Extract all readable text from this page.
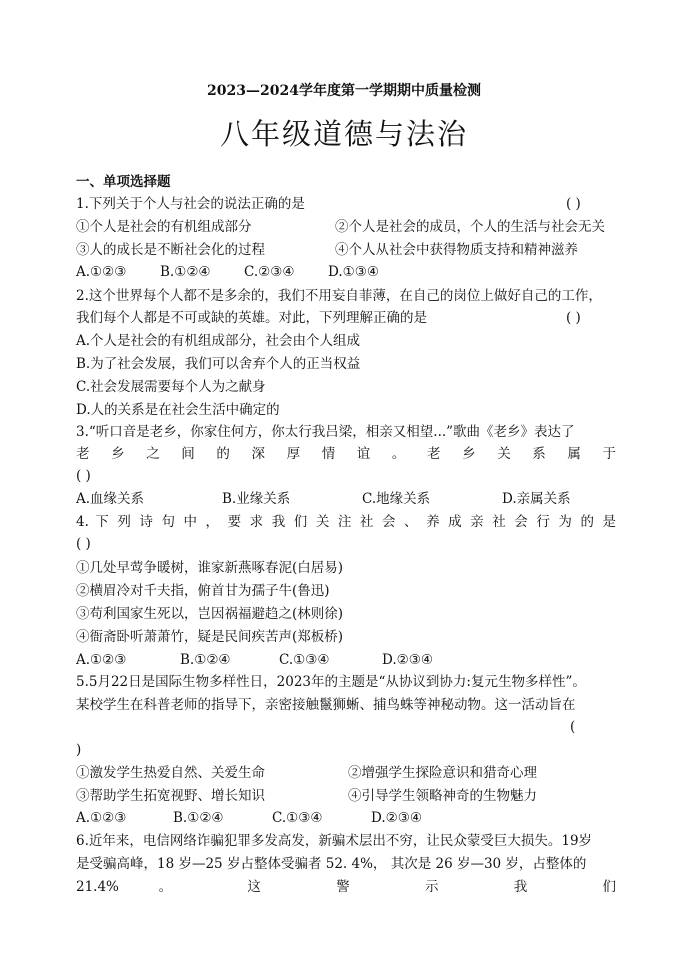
2023—2024学年度第一学期期中质量检测
八年级道德与法治
一、单项选择题
1.下列关于个人与社会的说法正确的是	( )
①个人是社会的有机组成部分	②个人是社会的成员，个人的生活与社会无关
③人的成长是不断社会化的过程	④个人从社会中获得物质支持和精神滋养
A.①②③ B.①②④ C.②③④ D.①③④
2.这个世界每个人都不是多余的，我们不用妄自菲薄，在自己的岗位上做好自己的工作，
我们每个人都是不可或缺的英雄。对此，下列理解正确的是	( )
A.个人是社会的有机组成部分，社会由个人组成
B.为了社会发展，我们可以舍弃个人的正当权益
C.社会发展需要每个人为之献身
D.人的关系是在社会生活中确定的
3.“听口音是老乡，你家住何方，你太行我吕梁，相亲又相望...”歌曲《老乡》表达了
老 乡 之 间 的 深 厚 情 谊 。 老 乡 关 系 属 于
( )
A.血缘关系	B.业缘关系	C.地缘关系	D.亲属关系
4. 下 列 诗 句 中 ， 要 求 我 们 关 注 社 会 、 养 成 亲 社 会 行 为 的 是
( )
①几处早莺争暖树，谁家新燕啄春泥(白居易)
②横眉冷对千夫指，俯首甘为孺子牛(鲁迅)
③苟利国家生死以，岂因祸福避趋之(林则徐)
④衙斋卧听萧萧竹，疑是民间疾苦声(郑板桥)
A.①②③	B.①②④	C.①③④	D.②③④
5.5月22日是国际生物多样性日，2023年的主题是“从协议到协力:复元生物多样性”。
某校学生在科普老师的指导下，亲密接触鬣狮蜥、捕鸟蛛等神秘动物。这一活动旨在
(
)
①激发学生热爱自然、关爱生命	②增强学生探险意识和猎奇心理
③帮助学生拓宽视野、增长知识	④引导学生领略神奇的生物魅力
A.①②③	B.①②④	C.①③④	D.②③④
6.近年来，电信网络诈骗犯罪多发高发，新骗术层出不穷，让民众蒙受巨大损失。19岁
是受骗高峰，18 岁—25 岁占整体受骗者 52. 4%， 其次是 26 岁—30 岁，占整体的
21.4% 。 这 警 示 我 们
